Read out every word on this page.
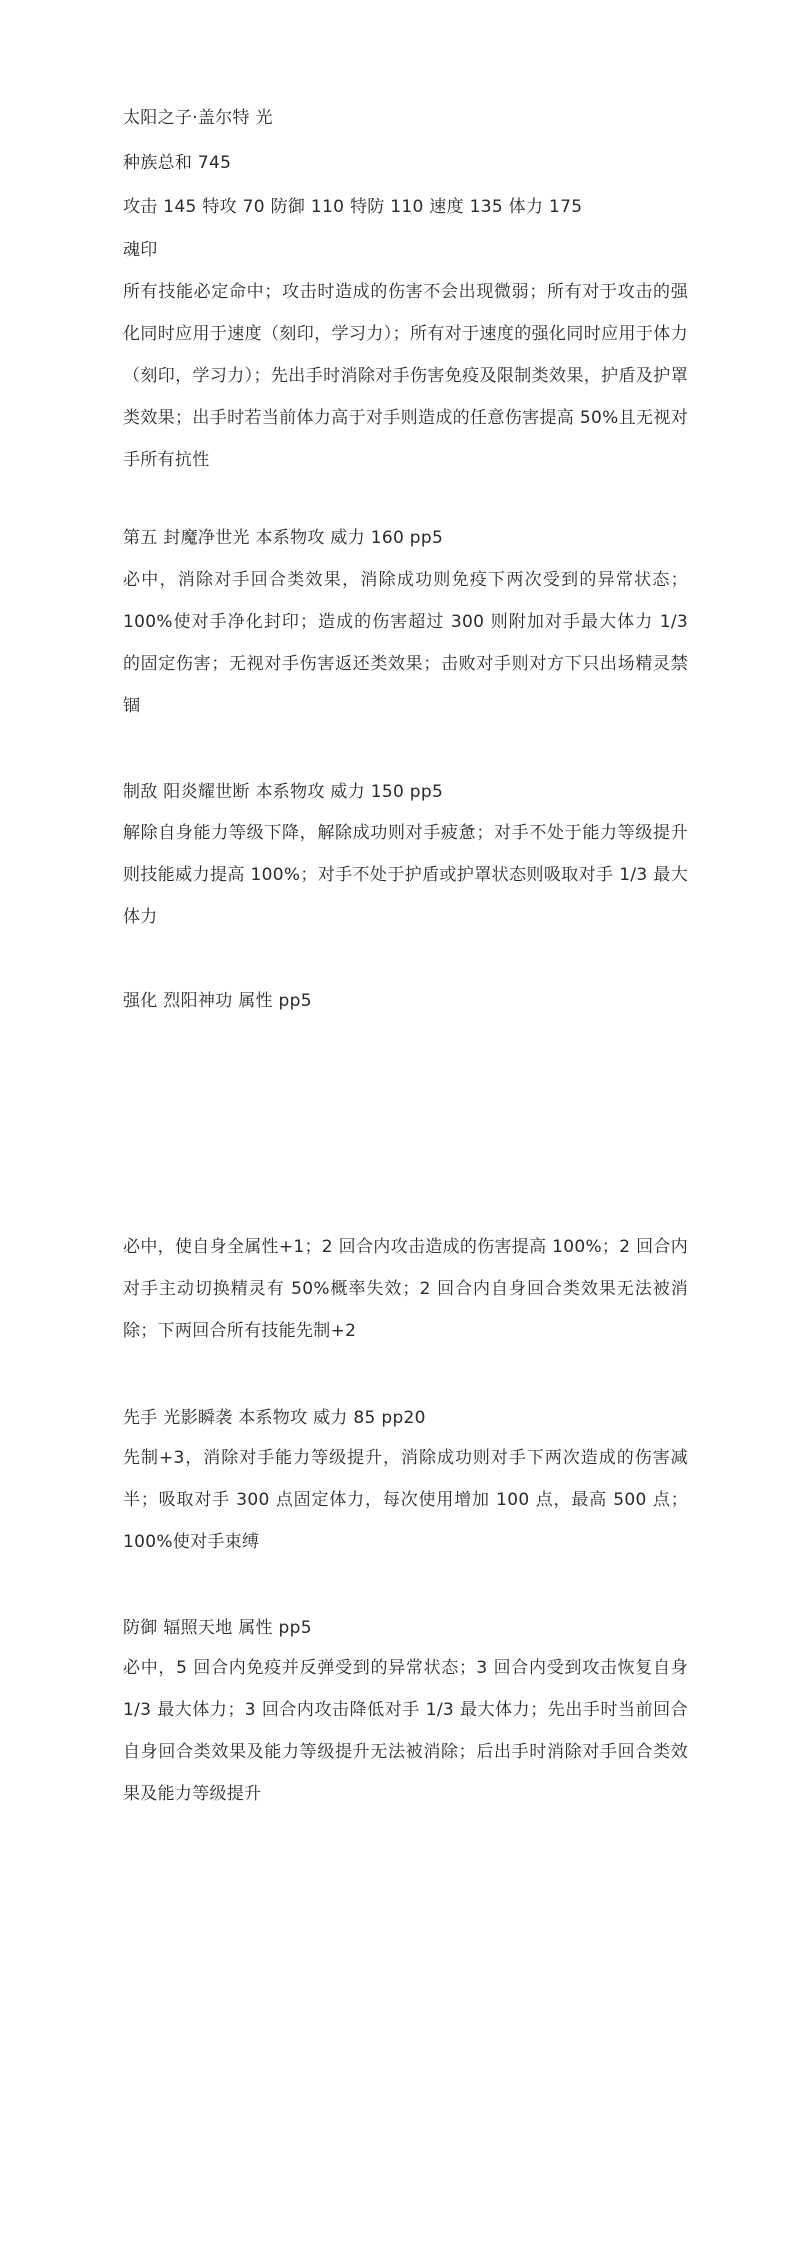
太阳之子·盖尔特 光
种族总和 745
攻击 145 特攻 70 防御 110 特防 110 速度 135 体力 175
魂印
所有技能必定命中；攻击时造成的伤害不会出现微弱；所有对于攻击的强化同时应用于速度（刻印，学习力）；所有对于速度的强化同时应用于体力（刻印，学习力）；先出手时消除对手伤害免疫及限制类效果，护盾及护罩类效果；出手时若当前体力高于对手则造成的任意伤害提高 50%且无视对手所有抗性
第五 封魔净世光 本系物攻 威力 160 pp5
必中，消除对手回合类效果，消除成功则免疫下两次受到的异常状态；100%使对手净化封印；造成的伤害超过 300 则附加对手最大体力 1/3 的固定伤害；无视对手伤害返还类效果；击败对手则对方下只出场精灵禁锢
制敌 阳炎耀世断 本系物攻 威力 150 pp5
解除自身能力等级下降，解除成功则对手疲惫；对手不处于能力等级提升则技能威力提高 100%；对手不处于护盾或护罩状态则吸取对手 1/3 最大体力
强化 烈阳神功 属性 pp5
必中，使自身全属性+1；2 回合内攻击造成的伤害提高 100%；2 回合内对手主动切换精灵有 50%概率失效；2 回合内自身回合类效果无法被消除；下两回合所有技能先制+2
先手 光影瞬袭 本系物攻 威力 85 pp20
先制+3，消除对手能力等级提升，消除成功则对手下两次造成的伤害减半；吸取对手 300 点固定体力，每次使用增加 100 点，最高 500 点；100%使对手束缚
防御 辐照天地 属性 pp5
必中，5 回合内免疫并反弹受到的异常状态；3 回合内受到攻击恢复自身 1/3 最大体力；3 回合内攻击降低对手 1/3 最大体力；先出手时当前回合自身回合类效果及能力等级提升无法被消除；后出手时消除对手回合类效果及能力等级提升
